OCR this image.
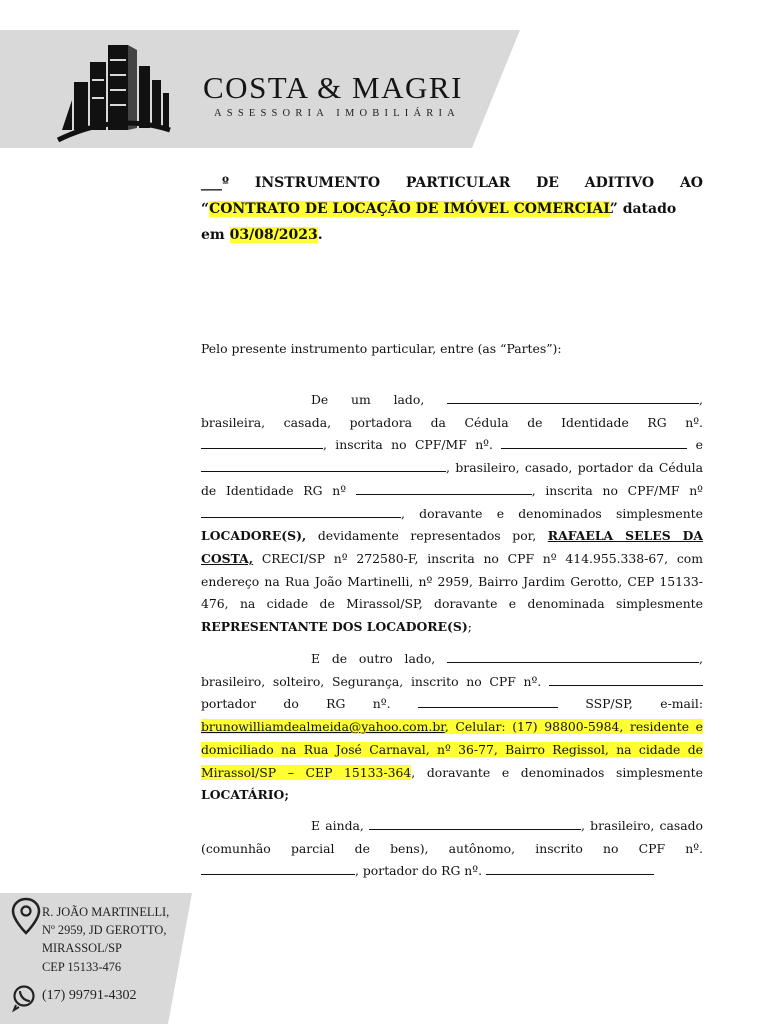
COSTA & MAGRI
ASSESSORIA IMOBILIÁRIA
___º INSTRUMENTO PARTICULAR DE ADITIVO AO
“CONTRATO DE LOCAÇÃO DE IMÓVEL COMERCIAL” datado
em 03/08/2023.
Pelo presente instrumento particular, entre (as “Partes”):
De um lado,	, brasileira, casada, portadora da Cédula de Identidade RG nº. , inscrita no CPF/MF nº.	e , brasileiro, casado, portador da Cédula de Identidade RG nº	, inscrita no CPF/MF nº , doravante e denominados simplesmente LOCADORE(S), devidamente representados por, RAFAELA SELES DA COSTA, CRECI/SP nº 272580-F, inscrita no CPF nº 414.955.338-67, com endereço na Rua João Martinelli, nº 2959, Bairro Jardim Gerotto, CEP 15133-476, na cidade de Mirassol/SP, doravante e denominada simplesmente REPRESENTANTE DOS LOCADORE(S);
E de outro lado,	, brasileiro, solteiro, Segurança, inscrito no CPF nº.  portador do RG nº.	SSP/SP, e-mail: brunowilliamdealmeida@yahoo.com.br, Celular: (17) 98800-5984, residente e domiciliado na Rua José Carnaval, nº 36-77, Bairro Regissol, na cidade de Mirassol/SP – CEP 15133-364, doravante e denominados simplesmente LOCATÁRIO;
E ainda,	, brasileiro, casado (comunhão parcial de bens), autônomo, inscrito no CPF nº. , portador do RG nº.
R. JOÃO MARTINELLI,
Nº 2959, JD GEROTTO,
MIRASSOL/SP
CEP 15133-476
(17) 99791-4302
